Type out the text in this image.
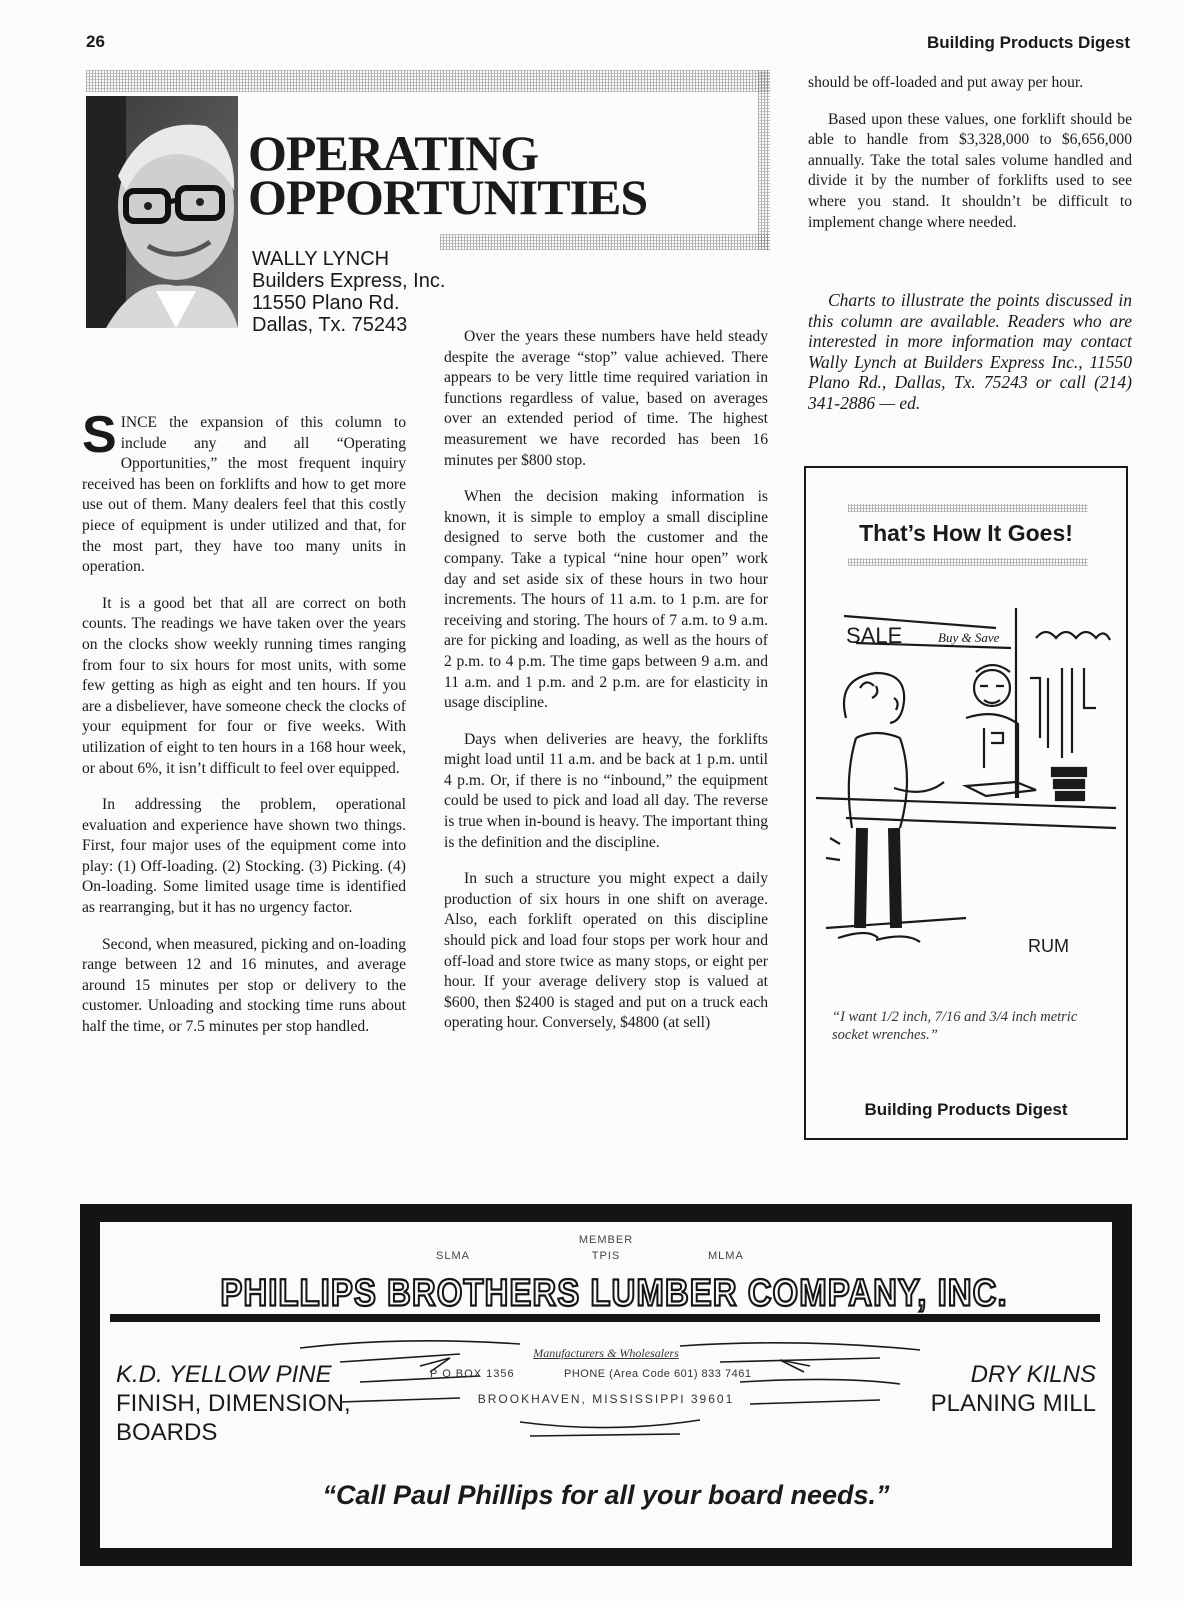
26	Building Products Digest
OPERATING
OPPORTUNITIES
WALLY LYNCH
Builders Express, Inc.
11550 Plano Rd.
Dallas, Tx. 75243

SINCE the expansion of this column to include any and all “Operating Opportunities,” the most frequent inquiry received has been on forklifts and how to get more use out of them. Many dealers feel that this costly piece of equipment is under utilized and that, for the most part, they have too many units in operation.

It is a good bet that all are correct on both counts. The readings we have taken over the years on the clocks show weekly running times ranging from four to six hours for most units, with some few getting as high as eight and ten hours. If you are a disbeliever, have someone check the clocks of your equipment for four or five weeks. With utilization of eight to ten hours in a 168 hour week, or about 6%, it isn’t difficult to feel over equipped.

In addressing the problem, operational evaluation and experience have shown two things. First, four major uses of the equipment come into play: (1) Off-loading. (2) Stocking. (3) Picking. (4) On-loading. Some limited usage time is identified as rearranging, but it has no urgency factor.

Second, when measured, picking and on-loading range between 12 and 16 minutes, and average around 15 minutes per stop or delivery to the customer. Unloading and stocking time runs about half the time, or 7.5 minutes per stop handled.

Over the years these numbers have held steady despite the average “stop” value achieved. There appears to be very little time required variation in functions regardless of value, based on averages over an extended period of time. The highest measurement we have recorded has been 16 minutes per $800 stop.

When the decision making information is known, it is simple to employ a small discipline designed to serve both the customer and the company. Take a typical “nine hour open” work day and set aside six of these hours in two hour increments. The hours of 11 a.m. to 1 p.m. are for receiving and storing. The hours of 7 a.m. to 9 a.m. are for picking and loading, as well as the hours of 2 p.m. to 4 p.m. The time gaps between 9 a.m. and 11 a.m. and 1 p.m. and 2 p.m. are for elasticity in usage discipline.

Days when deliveries are heavy, the forklifts might load until 11 a.m. and be back at 1 p.m. until 4 p.m. Or, if there is no “inbound,” the equipment could be used to pick and load all day. The reverse is true when in-bound is heavy. The important thing is the definition and the discipline.

In such a structure you might expect a daily production of six hours in one shift on average. Also, each forklift operated on this discipline should pick and load four stops per work hour and off-load and store twice as many stops, or eight per hour. If your average delivery stop is valued at $600, then $2400 is staged and put on a truck each operating hour. Conversely, $4800 (at sell)

should be off-loaded and put away per hour.

Based upon these values, one forklift should be able to handle from $3,328,000 to $6,656,000 annually. Take the total sales volume handled and divide it by the number of forklifts used to see where you stand. It shouldn’t be difficult to implement change where needed.

Charts to illustrate the points discussed in this column are available. Readers who are interested in more information may contact Wally Lynch at Builders Express Inc., 11550 Plano Rd., Dallas, Tx. 75243 or call (214) 341-2886 — ed.
That’s How It Goes!
SALE	Buy & Save
RUM
“I want 1/2 inch, 7/16 and 3/4 inch metric socket wrenches.”
Building Products Digest
MEMBER
SLMA	TPIS	MLMA
PHILLIPS BROTHERS LUMBER COMPANY, INC.
Manufacturers & Wholesalers
P O BOX 1356	PHONE (Area Code 601) 833 7461
BROOKHAVEN, MISSISSIPPI 39601
K.D. YELLOW PINE
FINISH, DIMENSION,
BOARDS
DRY KILNS
PLANING MILL
“Call Paul Phillips for all your board needs.”
